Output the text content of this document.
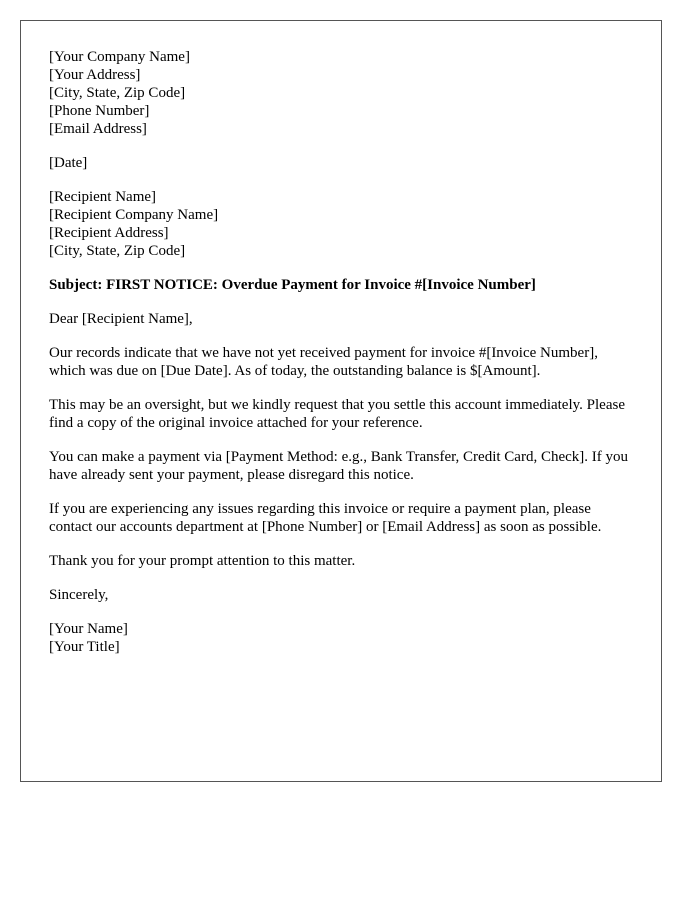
[Your Company Name]
[Your Address]
[City, State, Zip Code]
[Phone Number]
[Email Address]
[Date]
[Recipient Name]
[Recipient Company Name]
[Recipient Address]
[City, State, Zip Code]

Subject: FIRST NOTICE: Overdue Payment for Invoice #[Invoice Number]

Dear [Recipient Name],

Our records indicate that we have not yet received payment for invoice #[Invoice Number], which was due on [Due Date]. As of today, the outstanding balance is $[Amount].

This may be an oversight, but we kindly request that you settle this account immediately. Please find a copy of the original invoice attached for your reference.

You can make a payment via [Payment Method: e.g., Bank Transfer, Credit Card, Check]. If you have already sent your payment, please disregard this notice.

If you are experiencing any issues regarding this invoice or require a payment plan, please contact our accounts department at [Phone Number] or [Email Address] as soon as possible.

Thank you for your prompt attention to this matter.

Sincerely,

[Your Name]
[Your Title]
